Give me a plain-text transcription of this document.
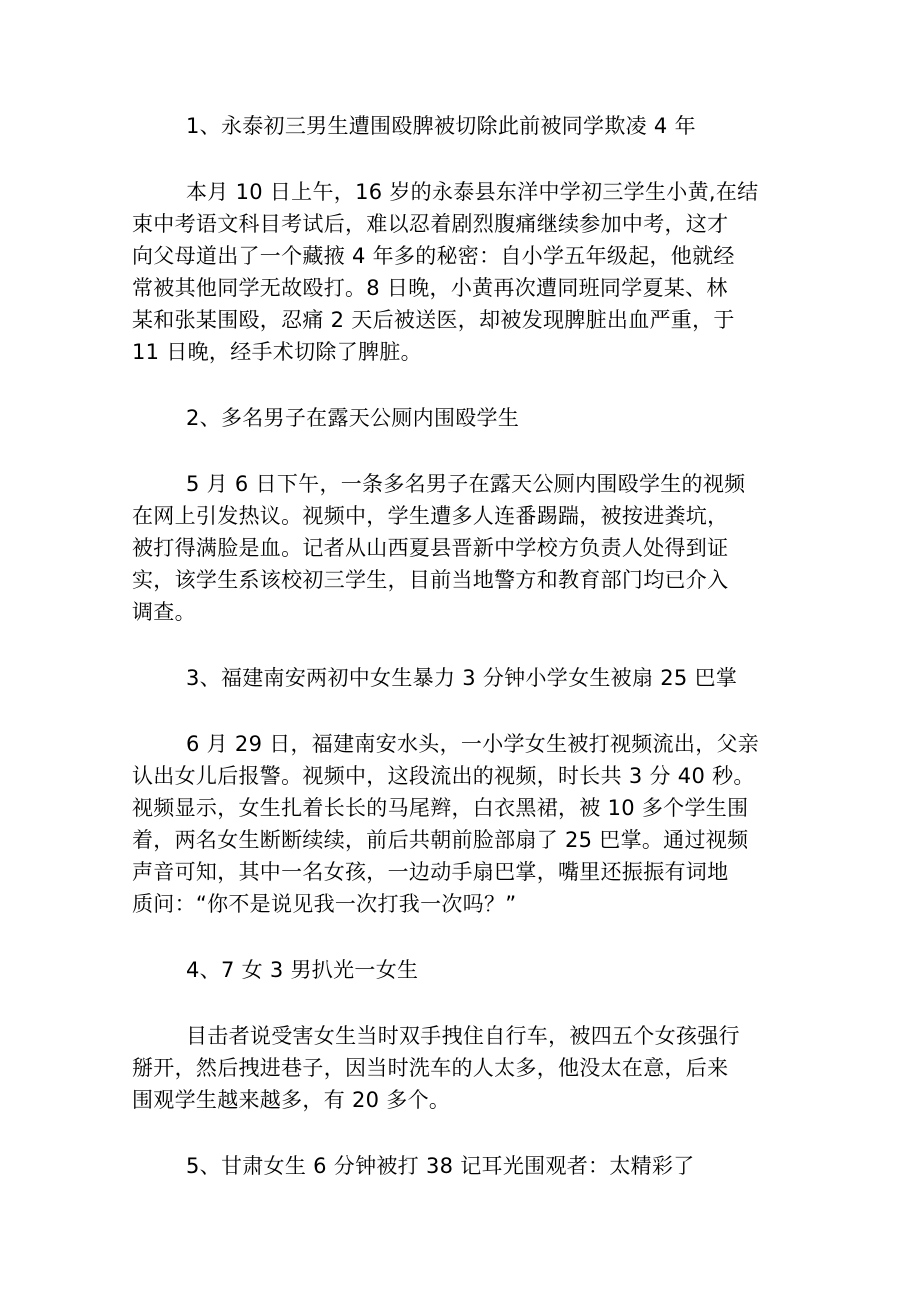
1、永泰初三男生遭围殴脾被切除此前被同学欺凌 4 年
本月 10 日上午，16 岁的永泰县东洋中学初三学生小黄,在结
束中考语文科目考试后，难以忍着剧烈腹痛继续参加中考，这才
向父母道出了一个藏掖 4 年多的秘密：自小学五年级起，他就经
常被其他同学无故殴打。8 日晚，小黄再次遭同班同学夏某、林
某和张某围殴，忍痛 2 天后被送医，却被发现脾脏出血严重，于
11 日晚，经手术切除了脾脏。
2、多名男子在露天公厕内围殴学生
5 月 6 日下午，一条多名男子在露天公厕内围殴学生的视频
在网上引发热议。视频中，学生遭多人连番踢踹，被按进粪坑，
被打得满脸是血。记者从山西夏县晋新中学校方负责人处得到证
实，该学生系该校初三学生，目前当地警方和教育部门均已介入
调查。
3、福建南安两初中女生暴力 3 分钟小学女生被扇 25 巴掌
6 月 29 日，福建南安水头，一小学女生被打视频流出，父亲
认出女儿后报警。视频中，这段流出的视频，时长共 3 分 40 秒。
视频显示，女生扎着长长的马尾辫，白衣黑裙，被 10 多个学生围
着，两名女生断断续续，前后共朝前脸部扇了 25 巴掌。通过视频
声音可知，其中一名女孩，一边动手扇巴掌，嘴里还振振有词地
质问：“你不是说见我一次打我一次吗？”
4、7 女 3 男扒光一女生
目击者说受害女生当时双手拽住自行车，被四五个女孩强行
掰开，然后拽进巷子，因当时洗车的人太多，他没太在意，后来
围观学生越来越多，有 20 多个。
5、甘肃女生 6 分钟被打 38 记耳光围观者：太精彩了
